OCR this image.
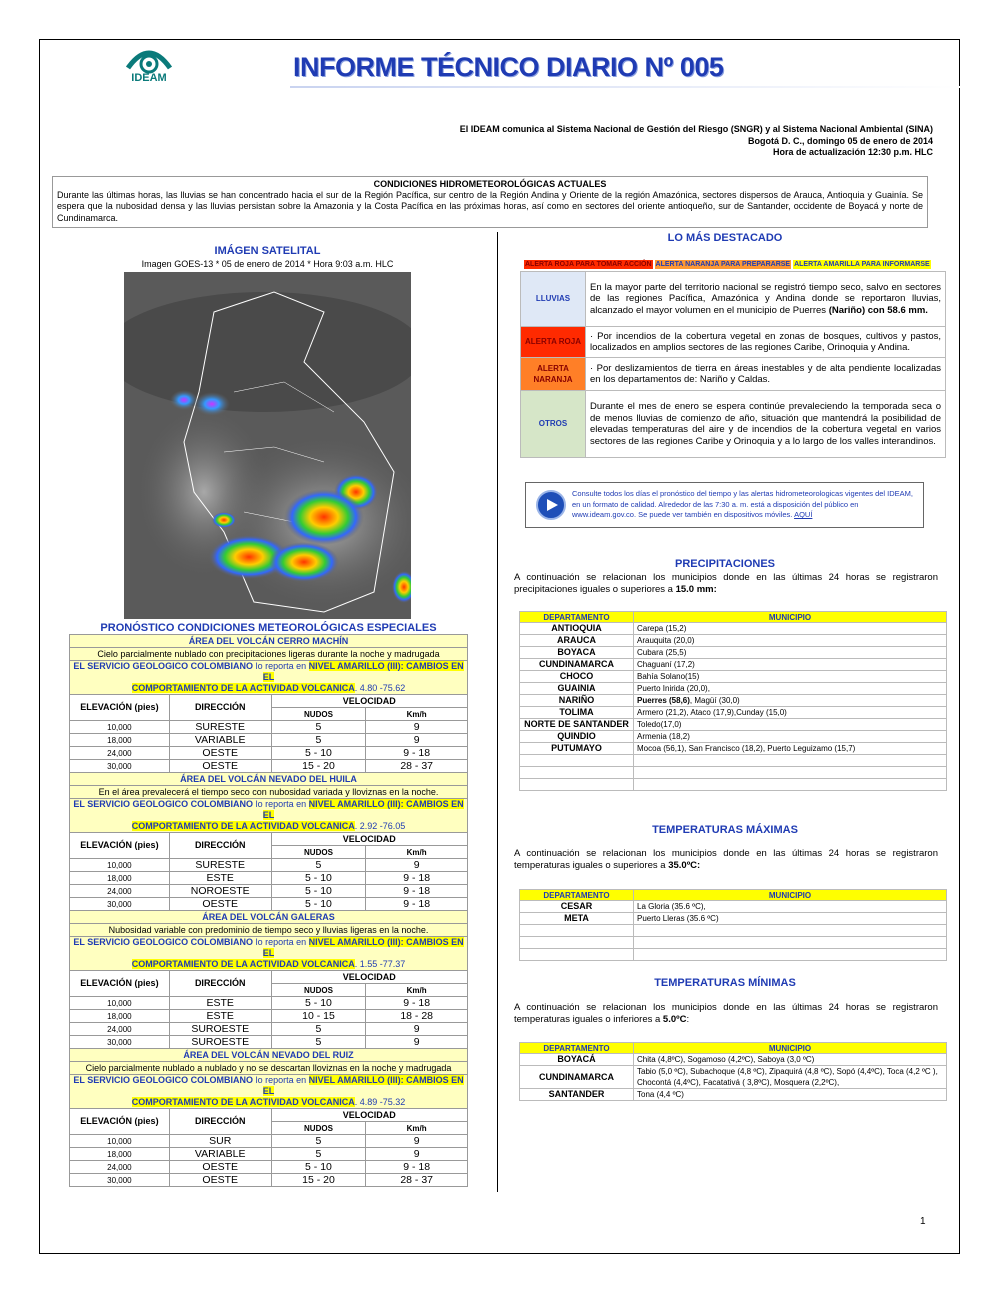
IDEAM	INFORME TÉCNICO DIARIO Nº 005
El IDEAM comunica al Sistema Nacional de Gestión del Riesgo (SNGR) y al Sistema Nacional Ambiental (SINA)
Bogotá D. C., domingo 05 de enero de 2014
Hora de actualización 12:30 p.m. HLC
CONDICIONES HIDROMETEOROLÓGICAS ACTUALES
Durante las últimas horas, las lluvias se han concentrado hacia el sur de la Región Pacífica, sur centro de la Región Andina y Oriente de la región Amazónica, sectores dispersos de Arauca, Antioquia y Guainía. Se espera que la nubosidad densa y las lluvias persistan sobre la Amazonia y la Costa Pacífica en las próximas horas, así como en sectores del oriente antioqueño, sur de Santander, occidente de Boyacá y norte de Cundinamarca.
IMÁGEN SATELITAL
Imagen GOES-13 * 05 de enero de 2014 * Hora 9:03 a.m. HLC
PRONÓSTICO CONDICIONES METEOROLÓGICAS ESPECIALES
ÁREA DEL VOLCÁN CERRO MACHÍN			
Cielo parcialmente nublado con precipitaciones ligeras durante la noche y madrugada			
EL SERVICIO GEOLOGICO COLOMBIANO lo reporta en NIVEL AMARILLO (III): CAMBIOS EN EL
COMPORTAMIENTO DE LA ACTIVIDAD VOLCANICA. 4.80 -75.62			
ELEVACIÓN (pies)	DIRECCIÓN	VELOCIDAD	
		NUDOS	Km/h
10,000	SURESTE	5	9
18,000	VARIABLE	5	9
24,000	OESTE	5 - 10	9 - 18
30,000	OESTE	15 - 20	28 - 37
ÁREA DEL VOLCÁN NEVADO DEL HUILA			
En el área prevalecerá el tiempo seco con nubosidad variada y lloviznas en la noche.			
EL SERVICIO GEOLOGICO COLOMBIANO lo reporta en NIVEL AMARILLO (III): CAMBIOS EN EL
COMPORTAMIENTO DE LA ACTIVIDAD VOLCANICA. 2.92 -76.05			
ELEVACIÓN (pies)	DIRECCIÓN	VELOCIDAD	
		NUDOS	Km/h
10,000	SURESTE	5	9
18,000	ESTE	5 - 10	9 - 18
24,000	NOROESTE	5 - 10	9 - 18
30,000	OESTE	5 - 10	9 - 18
ÁREA DEL VOLCÁN GALERAS			
Nubosidad variable con predominio de tiempo seco y lluvias ligeras en la noche.			
EL SERVICIO GEOLOGICO COLOMBIANO lo reporta en NIVEL AMARILLO (III): CAMBIOS EN EL
COMPORTAMIENTO DE LA ACTIVIDAD VOLCANICA. 1.55 -77.37			
ELEVACIÓN (pies)	DIRECCIÓN	VELOCIDAD	
		NUDOS	Km/h
10,000	ESTE	5 - 10	9 - 18
18,000	ESTE	10 - 15	18 - 28
24,000	SUROESTE	5	9
30,000	SUROESTE	5	9
ÁREA DEL VOLCÁN NEVADO DEL RUIZ			
Cielo parcialmente nublado a nublado y no se descartan lloviznas en la noche y madrugada			
EL SERVICIO GEOLOGICO COLOMBIANO lo reporta en NIVEL AMARILLO (III): CAMBIOS EN EL
COMPORTAMIENTO DE LA ACTIVIDAD VOLCANICA. 4.89 -75.32			
ELEVACIÓN (pies)	DIRECCIÓN	VELOCIDAD	
		NUDOS	Km/h
10,000	SUR	5	9
18,000	VARIABLE	5	9
24,000	OESTE	5 - 10	9 - 18
30,000	OESTE	15 - 20	28 - 37
LO MÁS DESTACADO
ALERTA ROJA PARA TOMAR ACCIÓN ALERTA NARANJA PARA PREPARARSE ALERTA AMARILLA PARA INFORMARSE
LLUVIAS	En la mayor parte del territorio nacional se registró tiempo seco, salvo en sectores de las regiones Pacífica, Amazónica y Andina donde se reportaron lluvias, alcanzado el mayor volumen en el municipio de Puerres (Nariño) con 58.6 mm.
ALERTA ROJA	· Por incendios de la cobertura vegetal en zonas de bosques, cultivos y pastos, localizados en amplios sectores de las regiones Caribe, Orinoquia y Andina.
ALERTA NARANJA	· Por deslizamientos de tierra en áreas inestables y de alta pendiente localizadas en los departamentos de: Nariño y Caldas.
OTROS	Durante el mes de enero se espera continúe prevaleciendo la temporada seca o de menos lluvias de comienzo de año, situación que mantendrá la posibilidad de elevadas temperaturas del aire y de incendios de la cobertura vegetal en varios sectores de las regiones Caribe y Orinoquia y a lo largo de los valles interandinos.
Consulte todos los días el pronóstico del tiempo y las alertas hidrometeorologicas vigentes del IDEAM, en un formato de calidad. Alrededor de las 7:30 a. m. está a disposición del público en www.ideam.gov.co. Se puede ver también en dispositivos móviles. AQUÍ
PRECIPITACIONES
A continuación se relacionan los municipios donde en las últimas 24 horas se registraron precipitaciones iguales o superiores a 15.0 mm:
DEPARTAMENTO	MUNICIPIO
ANTIOQUIA	Carepa (15,2)
ARAUCA	Arauquita (20,0)
BOYACA	Cubara (25,5)
CUNDINAMARCA	Chaguaní (17,2)
CHOCO	Bahía Solano(15)
GUAINIA	Puerto Inirida (20,0),
NARIÑO	Puerres (58,6), Magüí (30,0)
TOLIMA	Armero (21,2), Ataco (17,9),Cunday (15,0)
NORTE DE SANTANDER	Toledo(17,0)
QUINDIO	Armenia (18,2)
PUTUMAYO	Mocoa (56,1), San Francisco (18,2), Puerto Leguizamo (15,7)

TEMPERATURAS MÁXIMAS
A continuación se relacionan los municipios donde en las últimas 24 horas se registraron temperaturas iguales o superiores a 35.0ºC:
DEPARTAMENTO	MUNICIPIO
CESAR	La Gloria (35.6 ºC),
META	Puerto Lleras (35.6 ºC)

TEMPERATURAS MÍNIMAS
A continuación se relacionan los municipios donde en las últimas 24 horas se registraron temperaturas iguales o inferiores a 5.0ºC:
DEPARTAMENTO	MUNICIPIO
BOYACÁ	Chita (4,8ºC), Sogamoso (4,2ºC), Saboya (3,0 ºC)
CUNDINAMARCA	Tabio (5,0 ºC), Subachoque (4,8 ºC), Zipaquirá (4,8 ºC), Sopó (4,4ºC), Toca (4,2 ºC ), Chocontá (4,4ºC), Facatativá ( 3,8ºC), Mosquera (2,2ºC),
SANTANDER	Tona (4,4 ºC)
1
